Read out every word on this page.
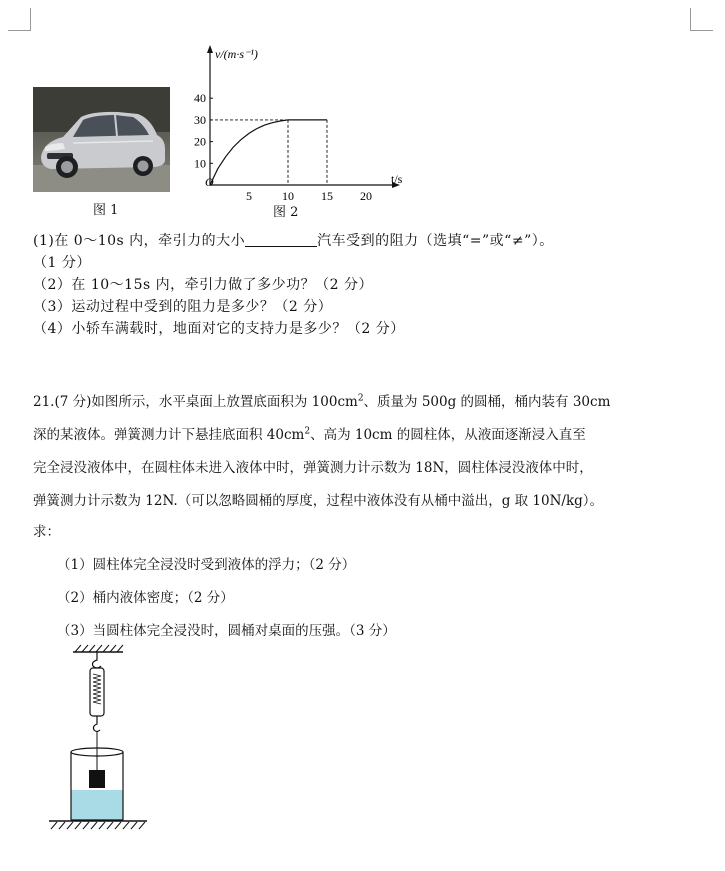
图 1
v/(m·s⁻¹)
t/s
O
5	10 15 20
10
20
30
40
图 2
(1)在 0～10s 内，牵引力的大小	汽车受到的阻力（选填“=”或“≠”）。
（1 分）
（2）在 10～15s 内，牵引力做了多少功？（2 分）
（3）运动过程中受到的阻力是多少？（2 分）
（4）小轿车满载时，地面对它的支持力是多少？（2 分）
21.(7 分)如图所示，水平桌面上放置底面积为 $100cm^2$、质量为 500g 的圆桶，桶内装有 30cm
深的某液体。弹簧测力计下悬挂底面积 $40cm^2$、高为 10cm 的圆柱体，从液面逐渐浸入直至
完全浸没液体中，在圆柱体未进入液体中时，弹簧测力计示数为 18N，圆柱体浸没液体中时，
弹簧测力计示数为 12N.（可以忽略圆桶的厚度，过程中液体没有从桶中溢出，g 取 10N/kg）。
求：
（1）圆柱体完全浸没时受到液体的浮力；（2 分）
（2）桶内液体密度；（2 分）
（3）当圆柱体完全浸没时，圆桶对桌面的压强。（3 分）
